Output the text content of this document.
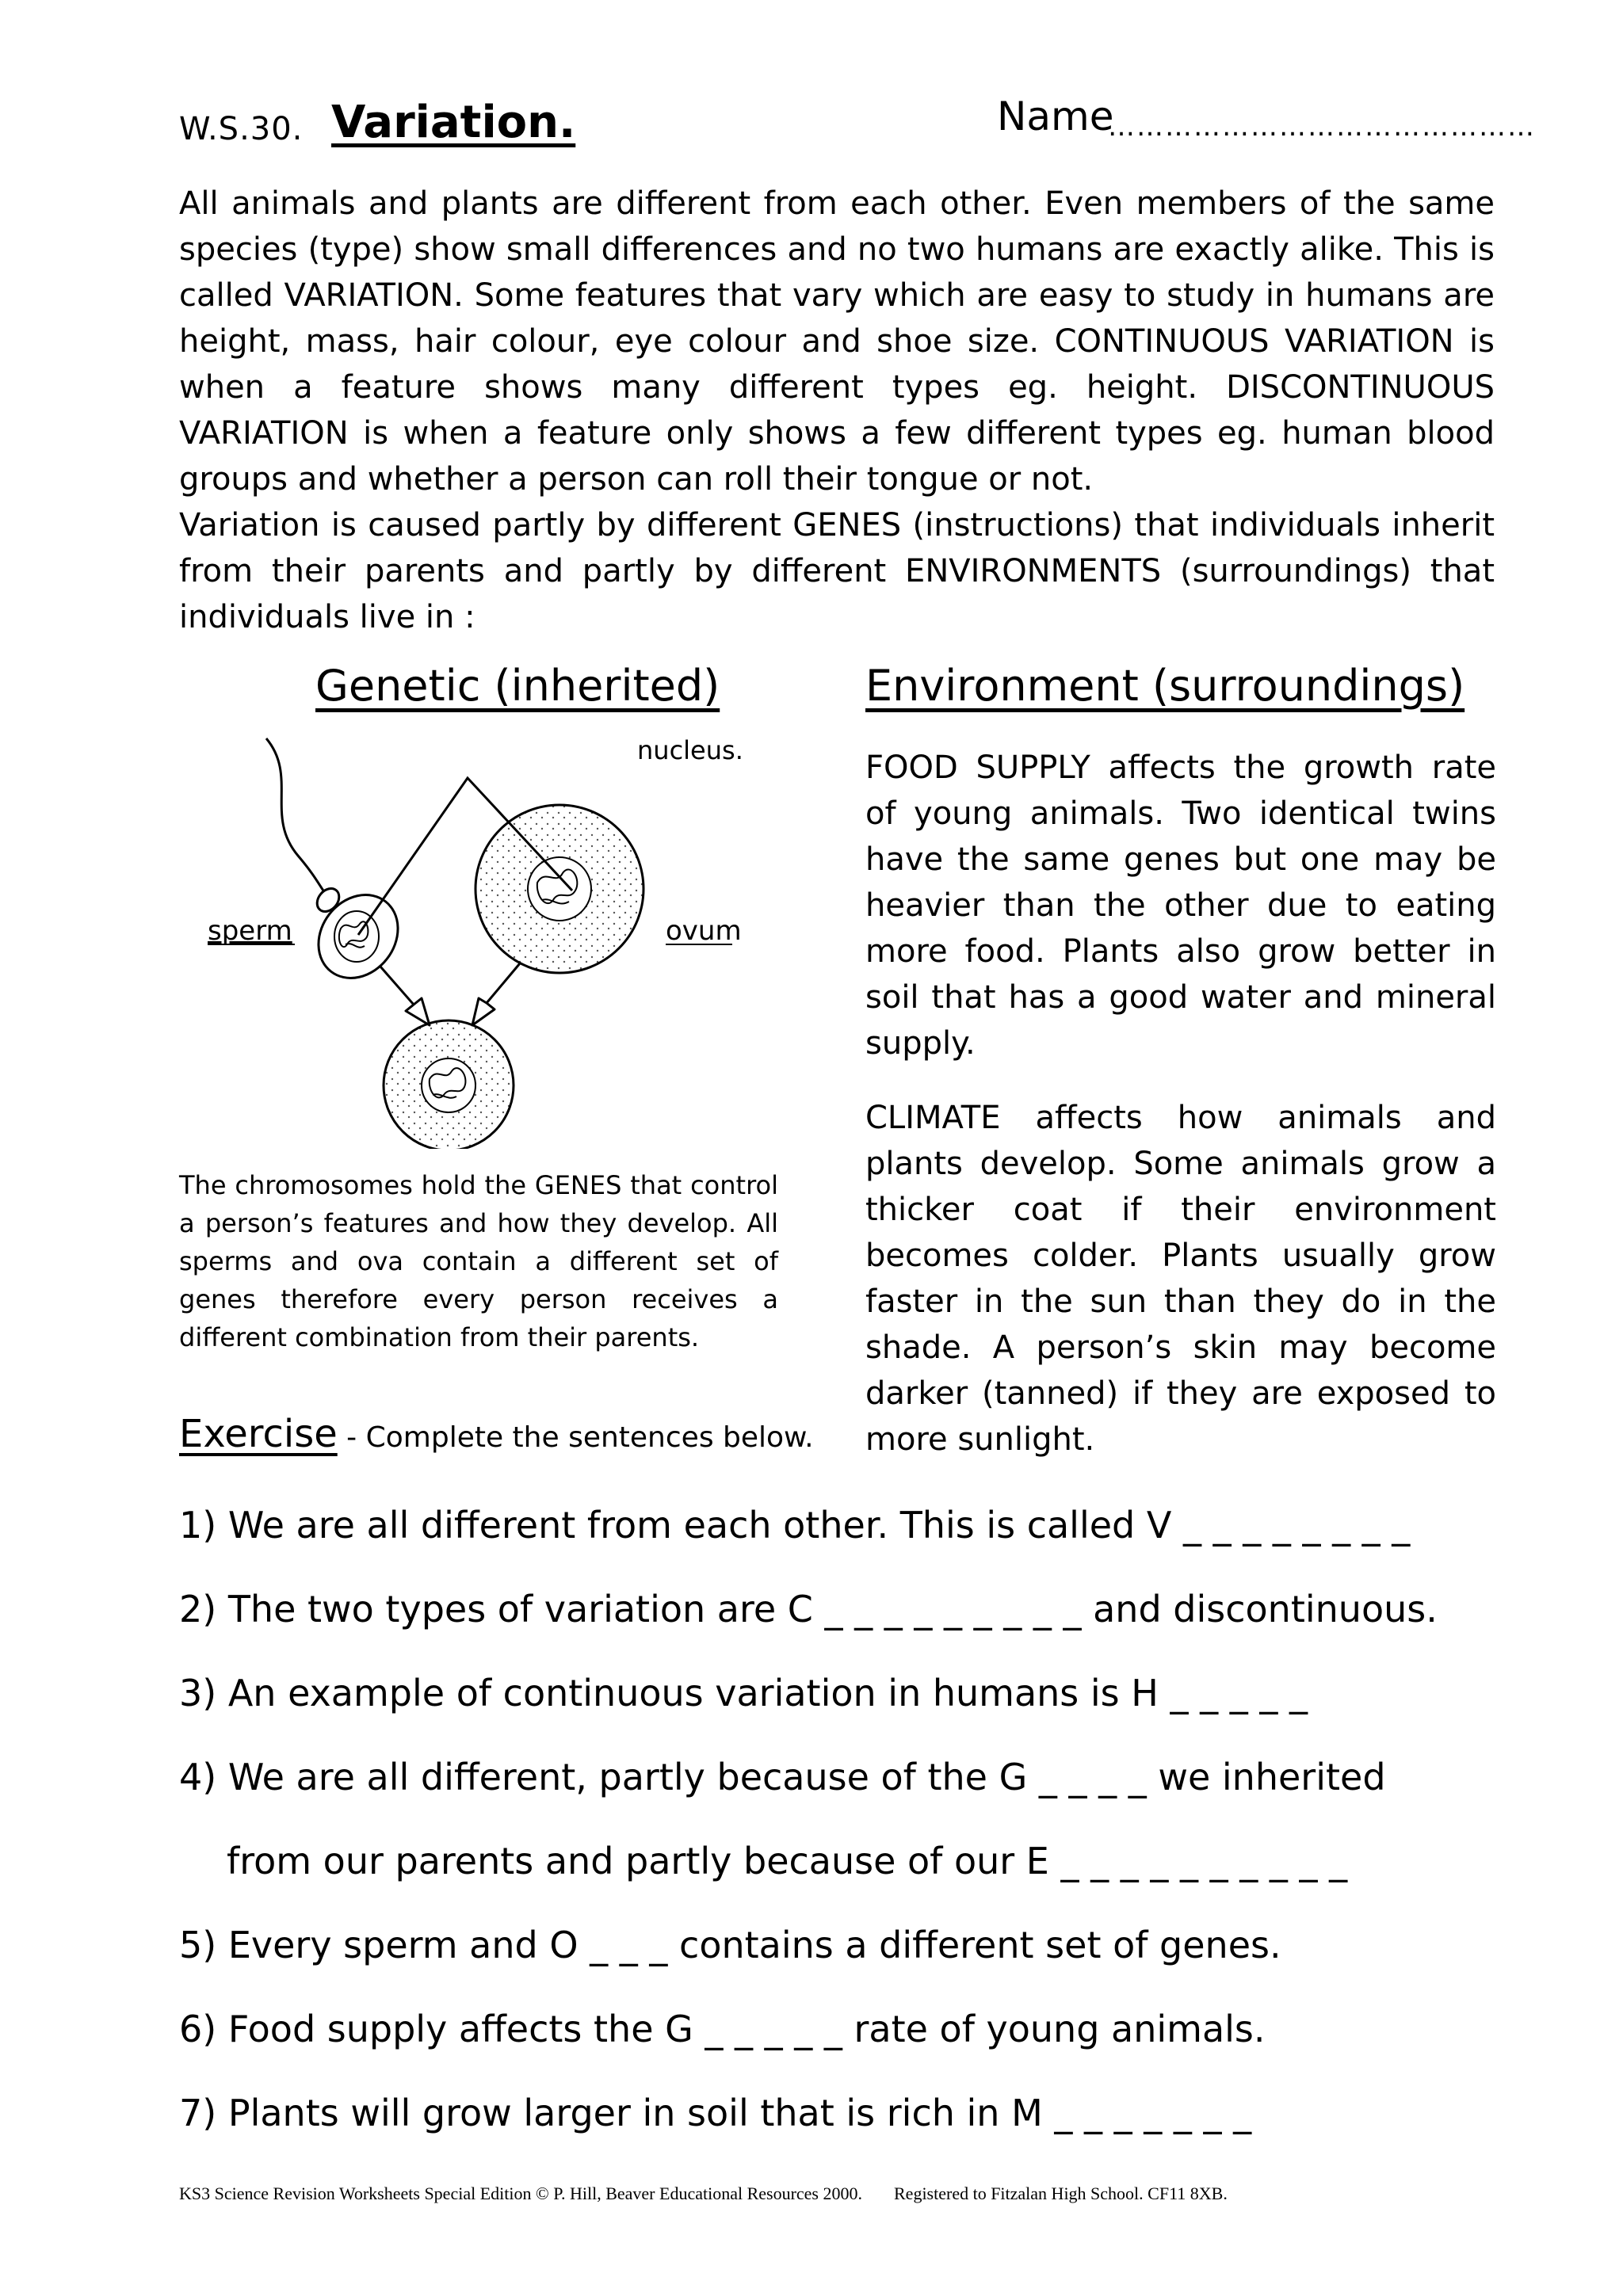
W.S.30. Variation.	Name
………………………………………

All animals and plants are different from each other. Even members of the same species (type) show small differences and no two humans are exactly alike. This is called VARIATION. Some features that vary which are easy to study in humans are height, mass, hair colour, eye colour and shoe size. CONTINUOUS VARIATION is when a feature shows many different types eg. height. DISCONTINUOUS VARIATION is when a feature only shows a few different types eg. human blood groups and whether a person can roll their tongue or not.

Variation is caused partly by different GENES (instructions) that individuals inherit from their parents and partly by different ENVIRONMENTS (surroundings) that individuals live in :

Genetic (inherited)	Environment (surroundings)
nucleus.
sperm	ovum
The chromosomes hold the GENES that control a person’s features and how they develop. All sperms and ova contain a different set of genes therefore every person receives a different combination from their parents.

FOOD SUPPLY affects the growth rate of young animals. Two identical twins have the same genes but one may be heavier than the other due to eating more food. Plants also grow better in soil that has a good water and mineral supply.

CLIMATE affects how animals and plants develop. Some animals grow a thicker coat if their environment becomes colder. Plants usually grow faster in the sun than they do in the shade. A person’s skin may become darker (tanned) if they are exposed to more sunlight.

Exercise - Complete the sentences below.
1) We are all different from each other. This is called V _ _ _ _ _ _ _ _
2) The two types of variation are C _ _ _ _ _ _ _ _ _ and discontinuous.
3) An example of continuous variation in humans is H _ _ _ _ _
4) We are all different, partly because of the G _ _ _ _ we inherited
from our parents and partly because of our E _ _ _ _ _ _ _ _ _ _
5) Every sperm and O _ _ _ contains a different set of genes.
6) Food supply affects the G _ _ _ _ _ rate of young animals.
7) Plants will grow larger in soil that is rich in M _ _ _ _ _ _ _
KS3 Science Revision Worksheets Special Edition © P. Hill, Beaver Educational Resources 2000. Registered to Fitzalan High School. CF11 8XB.
